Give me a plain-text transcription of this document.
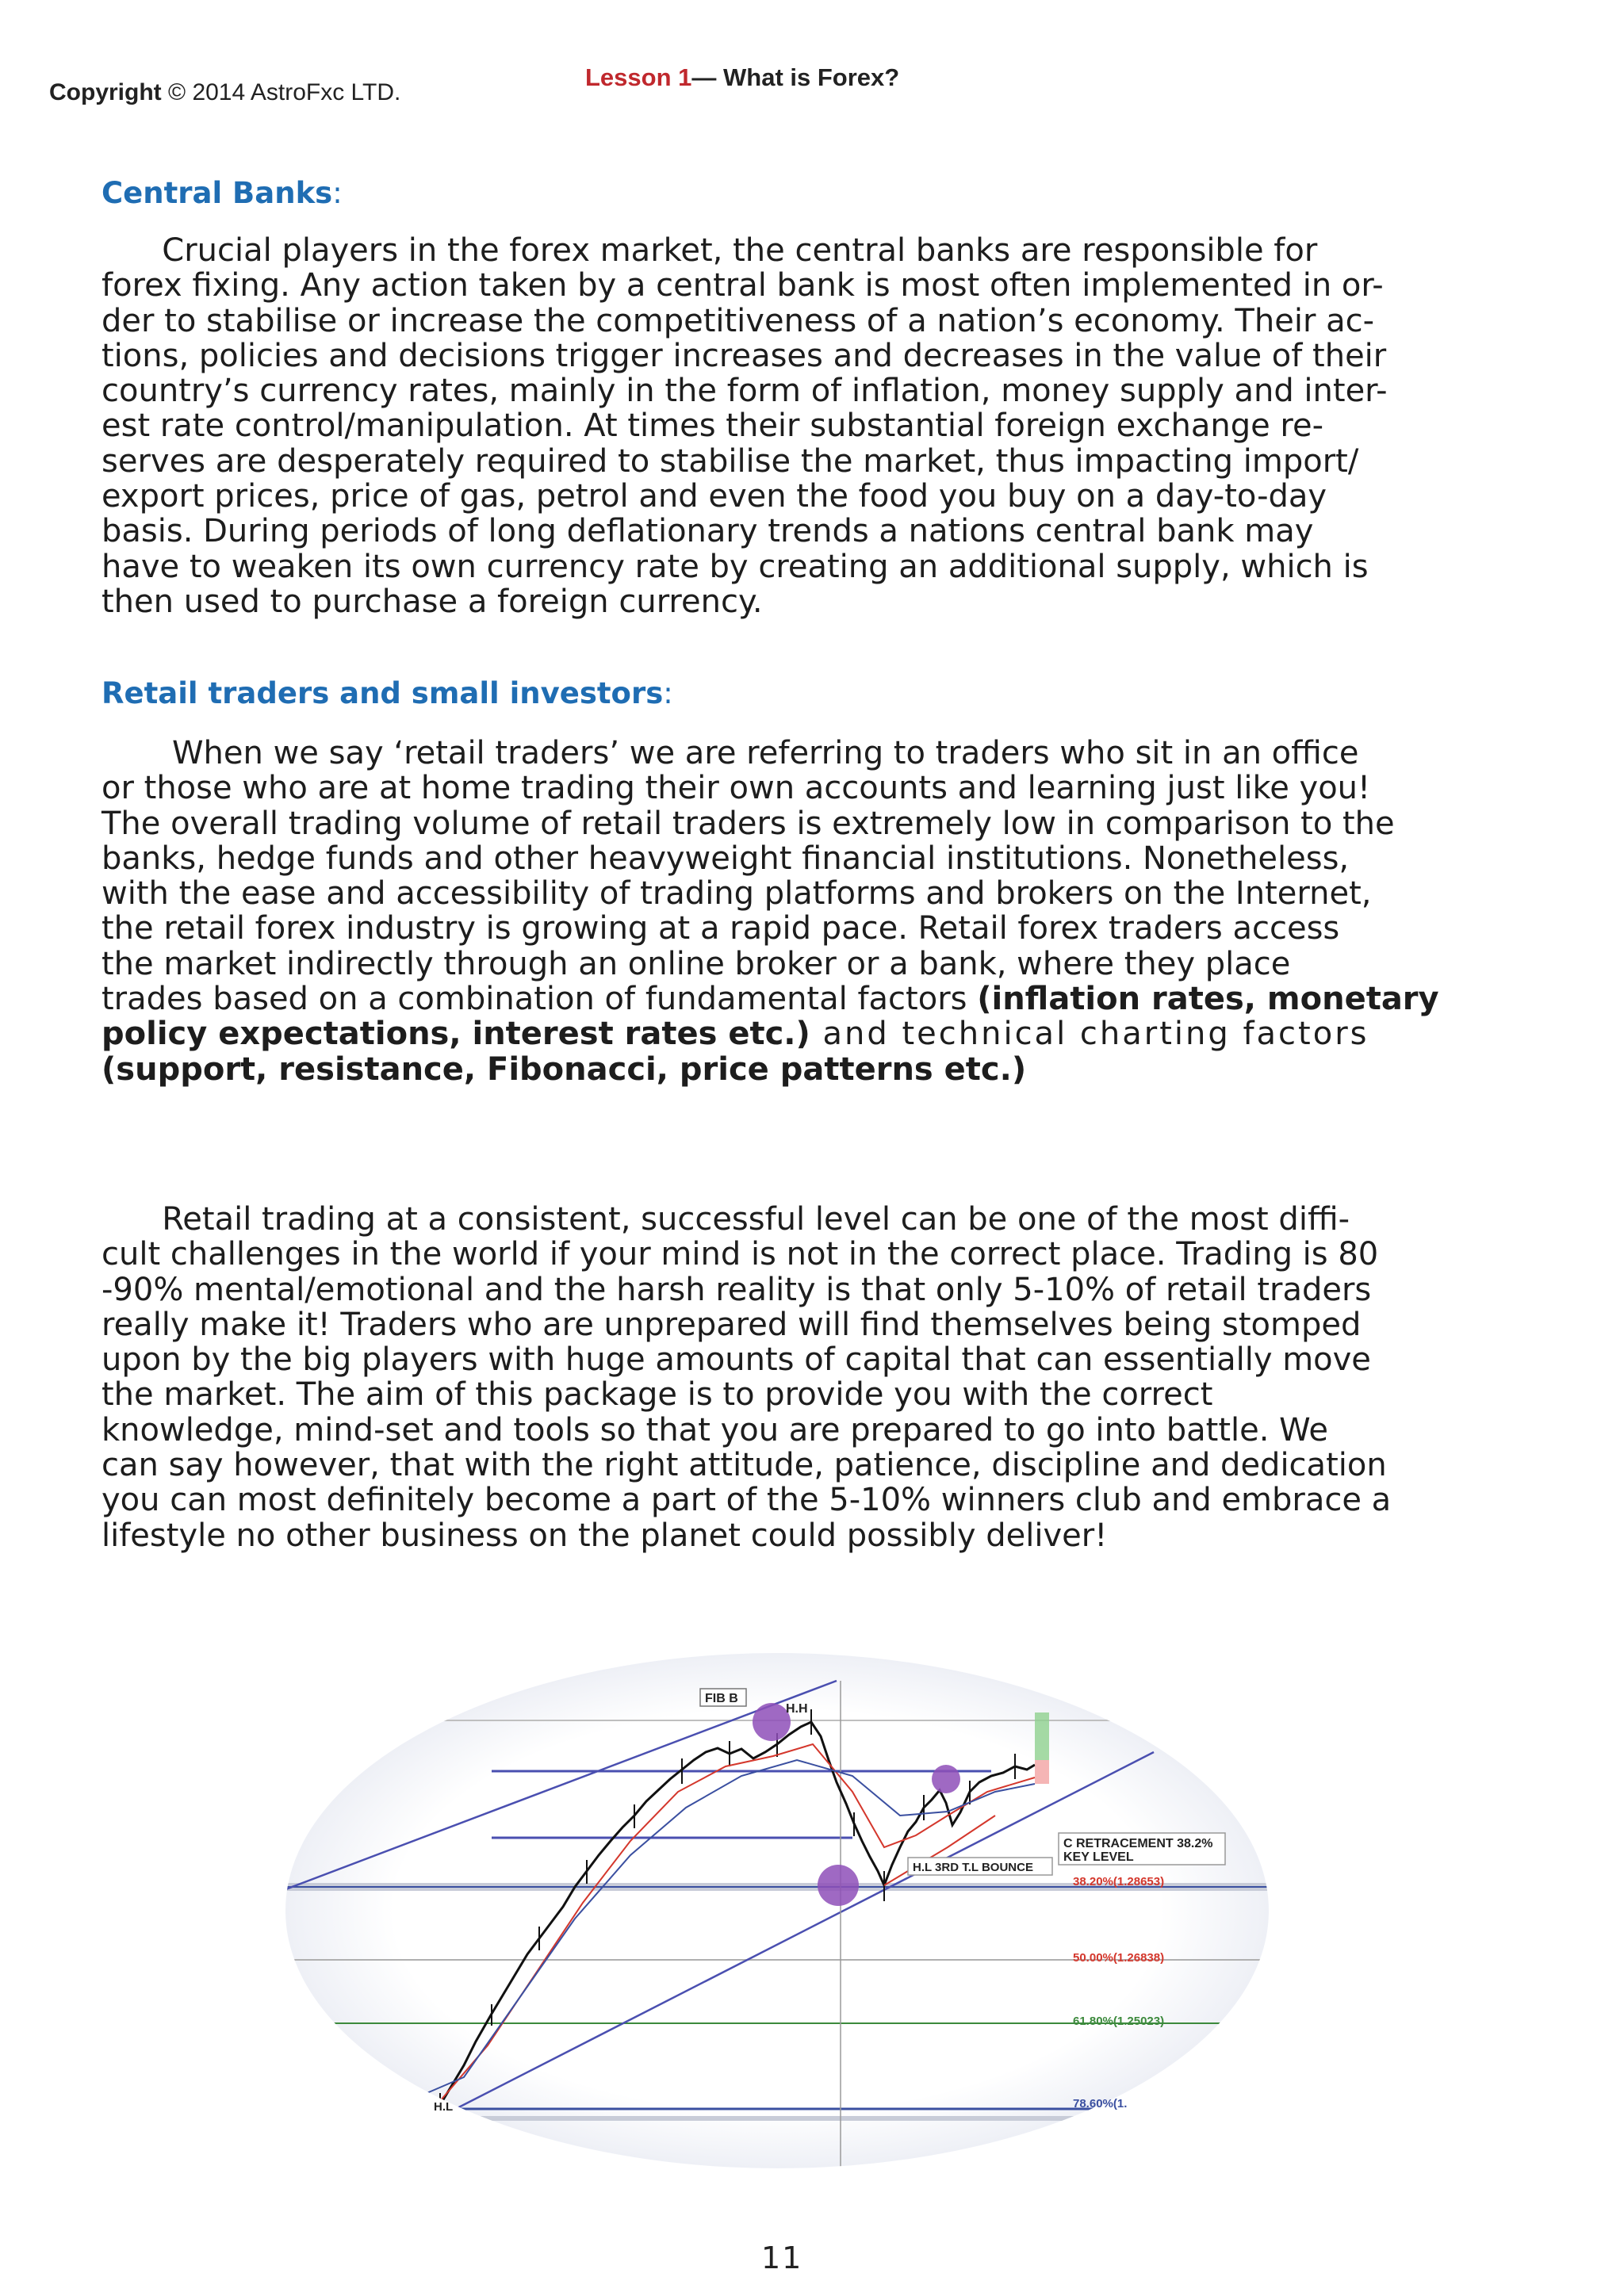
Copyright © 2014 AstroFxc LTD.
Lesson 1— What is Forex?
Central Banks:
Crucial players in the forex market, the central banks are responsible for
forex fixing. Any action taken by a central bank is most often implemented in or-
der to stabilise or increase the competitiveness of a nation’s economy. Their ac-
tions, policies and decisions trigger increases and decreases in the value of their
country’s currency rates, mainly in the form of inflation, money supply and inter-
est rate control/manipulation. At times their substantial foreign exchange re-
serves are desperately required to stabilise the market, thus impacting import/
export prices, price of gas, petrol and even the food you buy on a day-to-day
basis. During periods of long deflationary trends a nations central bank may
have to weaken its own currency rate by creating an additional supply, which is
then used to purchase a foreign currency.
Retail traders and small investors:
When we say ‘retail traders’ we are referring to traders who sit in an office
or those who are at home trading their own accounts and learning just like you!
The overall trading volume of retail traders is extremely low in comparison to the
banks, hedge funds and other heavyweight financial institutions. Nonetheless,
with the ease and accessibility of trading platforms and brokers on the Internet,
the retail forex industry is growing at a rapid pace. Retail forex traders access
the market indirectly through an online broker or a bank, where they place
trades based on a combination of fundamental factors (inflation rates, monetary
policy expectations, interest rates etc.) and technical charting factors
(support, resistance, Fibonacci, price patterns etc.)
Retail trading at a consistent, successful level can be one of the most diffi-
cult challenges in the world if your mind is not in the correct place. Trading is 80
-90% mental/emotional and the harsh reality is that only 5-10% of retail traders
really make it! Traders who are unprepared will find themselves being stomped
upon by the big players with huge amounts of capital that can essentially move
the market. The aim of this package is to provide you with the correct
knowledge, mind-set and tools so that you are prepared to go into battle. We
can say however, that with the right attitude, patience, discipline and dedication
you can most definitely become a part of the 5-10% winners club and embrace a
lifestyle no other business on the planet could possibly deliver!
FIB B
H.H
H.L
C RETRACEMENT 38.2%
KEY LEVEL
H.L 3RD T.L BOUNCE
38.20%(1.28653)
50.00%(1.26838)
61.80%(1.25023)
78.60%(1.
11
